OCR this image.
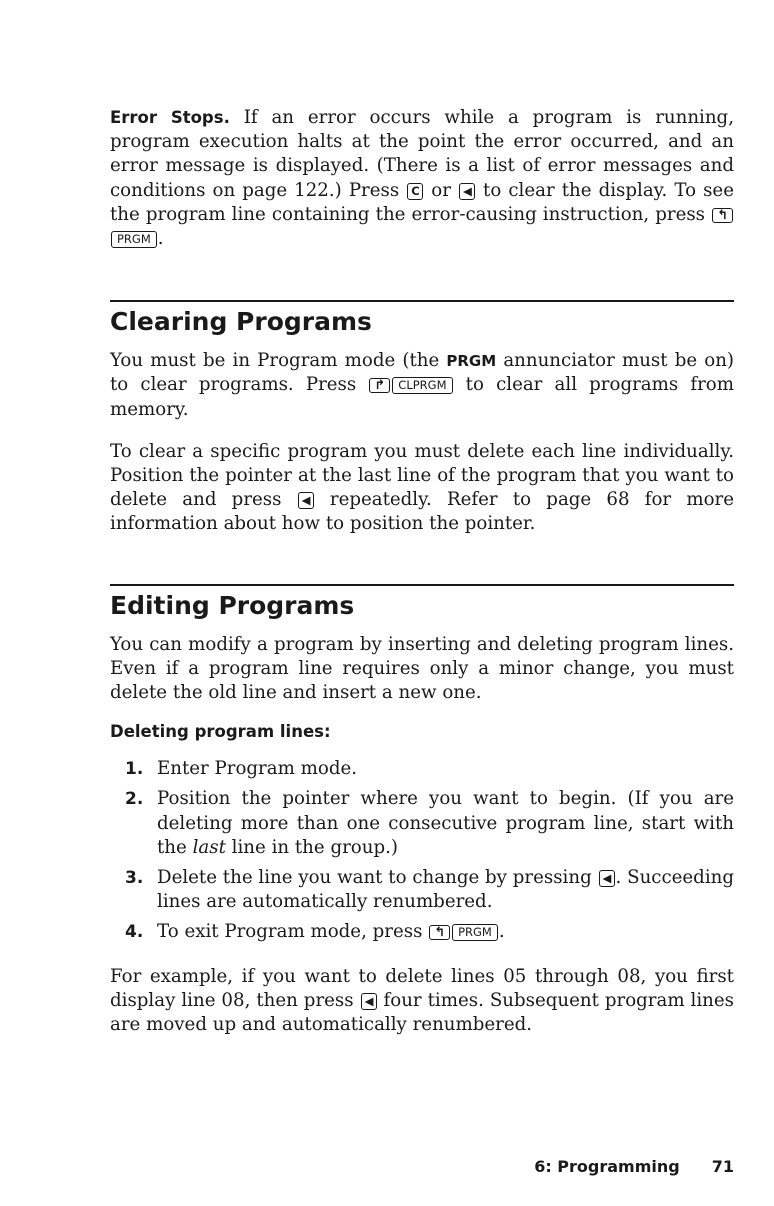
Error Stops. If an error occurs while a program is running, program execution halts at the point the error occurred, and an error message is displayed. (There is a list of error messages and conditions on page 122.) Press C or ◀ to clear the display. To see the program line containing the error-causing instruction, press ↰PRGM .

Clearing Programs

You must be in Program mode (the PRGM annunciator must be on) to clear programs. Press ↱ CLPRGM to clear all programs from memory.

To clear a specific program you must delete each line individually. Position the pointer at the last line of the program that you want to delete and press ◀ repeatedly. Refer to page 68 for more information about how to position the pointer.

Editing Programs

You can modify a program by inserting and deleting program lines. Even if a program line requires only a minor change, you must delete the old line and insert a new one.

Deleting program lines:
1. Enter Program mode.
2. Position the pointer where you want to begin. (If you are deleting more than one consecutive program line, start with the last line in the group.)
3. Delete the line you want to change by pressing ◀ . Succeeding lines are automatically renumbered.
4. To exit Program mode, press ↰ PRGM .

For example, if you want to delete lines 05 through 08, you first display line 08, then press ◀ four times. Subsequent program lines are moved up and automatically renumbered.

6: Programming 71
